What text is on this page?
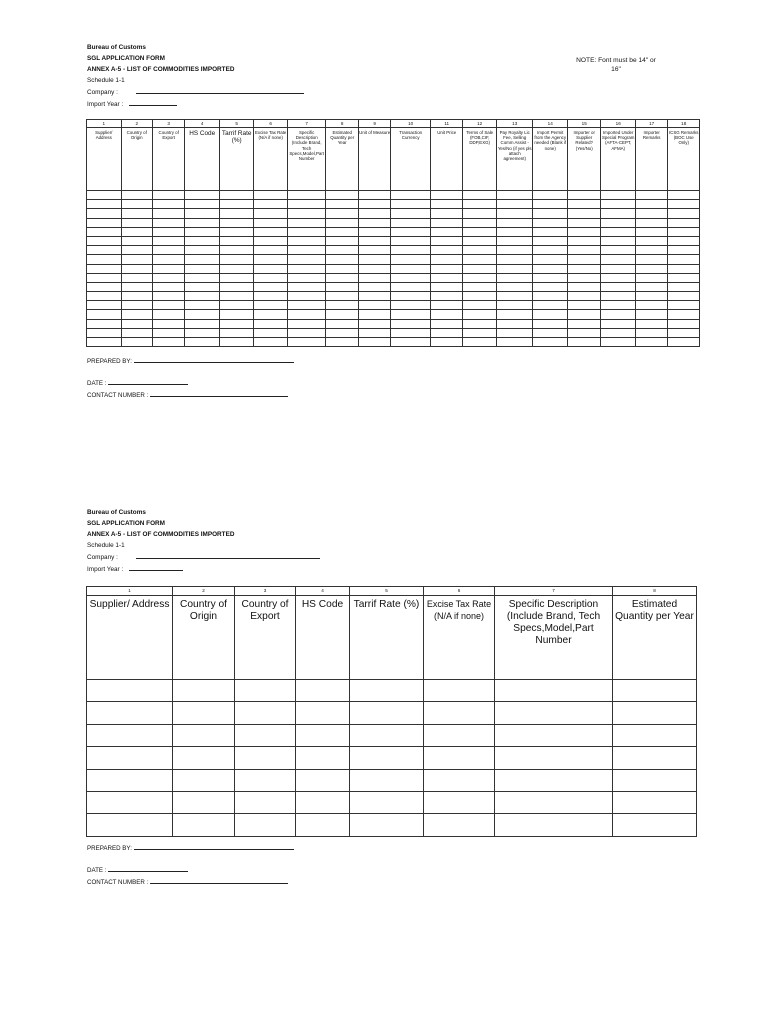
Bureau of Customs
SGL APPLICATION FORM
ANNEX A-5 - LIST OF COMMODITIES IMPORTED
Schedule 1-1
Company :
Import Year :
NOTE: Font must be 14" or
16"
1	2	3	4	5	6	7	8	9	10	11	12	13	14	15	16	17	18
Supplier/ Address	Country of Origin	Country of Export	HS Code	Tarrif Rate (%)	Excise Tax Rate (N/A if none)	Specific Description (Include Brand, Tech Specs,Model,Part Number	Estimated Quantity per Year	Unit of Measure	Transaction Currency	Unit Price	Terms of Sale (FOB,CIF, DDP,EXG)	Pay Royalty Lic Fee, Selling Comm Assist - Yes/No (if yes pls attach agreement)	Import Permit from the Agency needed (Blank if none)	Importer or Supplier Related? (Yes/No)	Imported Under Special Program (AFTA-CEPT, AFMA)	Importer Remarks	ICSG Remarks (BOC Use Only)

PREPARED BY:
DATE :
CONTACT NUMBER :
Bureau of Customs
SGL APPLICATION FORM
ANNEX A-5 - LIST OF COMMODITIES IMPORTED
Schedule 1-1
Company :
Import Year :
1	2	3	4	5	6	7	8
Supplier/ Address	Country of Origin	Country of Export	HS Code	Tarrif Rate (%)	Excise Tax Rate (N/A if none)	Specific Description (Include Brand, Tech Specs,Model,Part Number	Estimated Quantity per Year

PREPARED BY:
DATE :
CONTACT NUMBER :
